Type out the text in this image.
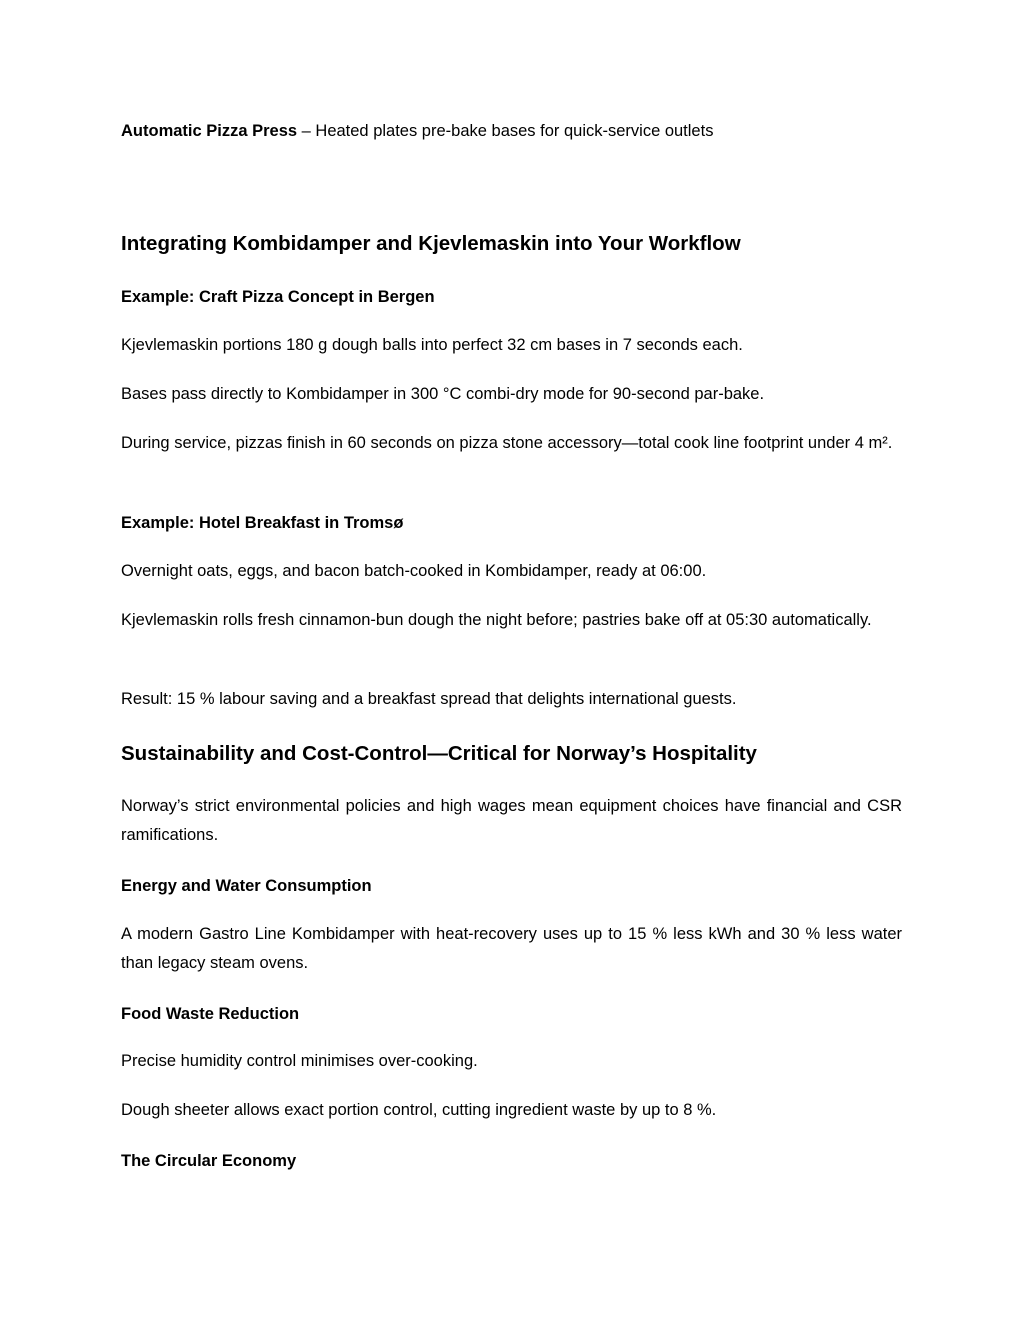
Automatic Pizza Press – Heated plates pre-bake bases for quick-service outlets

Integrating Kombidamper and Kjevlemaskin into Your Workflow
Example: Craft Pizza Concept in Bergen

Kjevlemaskin portions 180 g dough balls into perfect 32 cm bases in 7 seconds each.

Bases pass directly to Kombidamper in 300 °C combi-dry mode for 90-second par-bake.

During service, pizzas finish in 60 seconds on pizza stone accessory—total cook line footprint under 4 m².

Example: Hotel Breakfast in Tromsø

Overnight oats, eggs, and bacon batch-cooked in Kombidamper, ready at 06:00.

Kjevlemaskin rolls fresh cinnamon-bun dough the night before; pastries bake off at 05:30 automatically.

Result: 15 % labour saving and a breakfast spread that delights international guests.

Sustainability and Cost‐Control—Critical for Norway’s Hospitality

Norway’s strict environmental policies and high wages mean equipment choices have financial and CSR ramifications.

Energy and Water Consumption

A modern Gastro Line Kombidamper with heat-recovery uses up to 15 % less kWh and 30 % less water than legacy steam ovens.

Food Waste Reduction

Precise humidity control minimises over-cooking.

Dough sheeter allows exact portion control, cutting ingredient waste by up to 8 %.

The Circular Economy
